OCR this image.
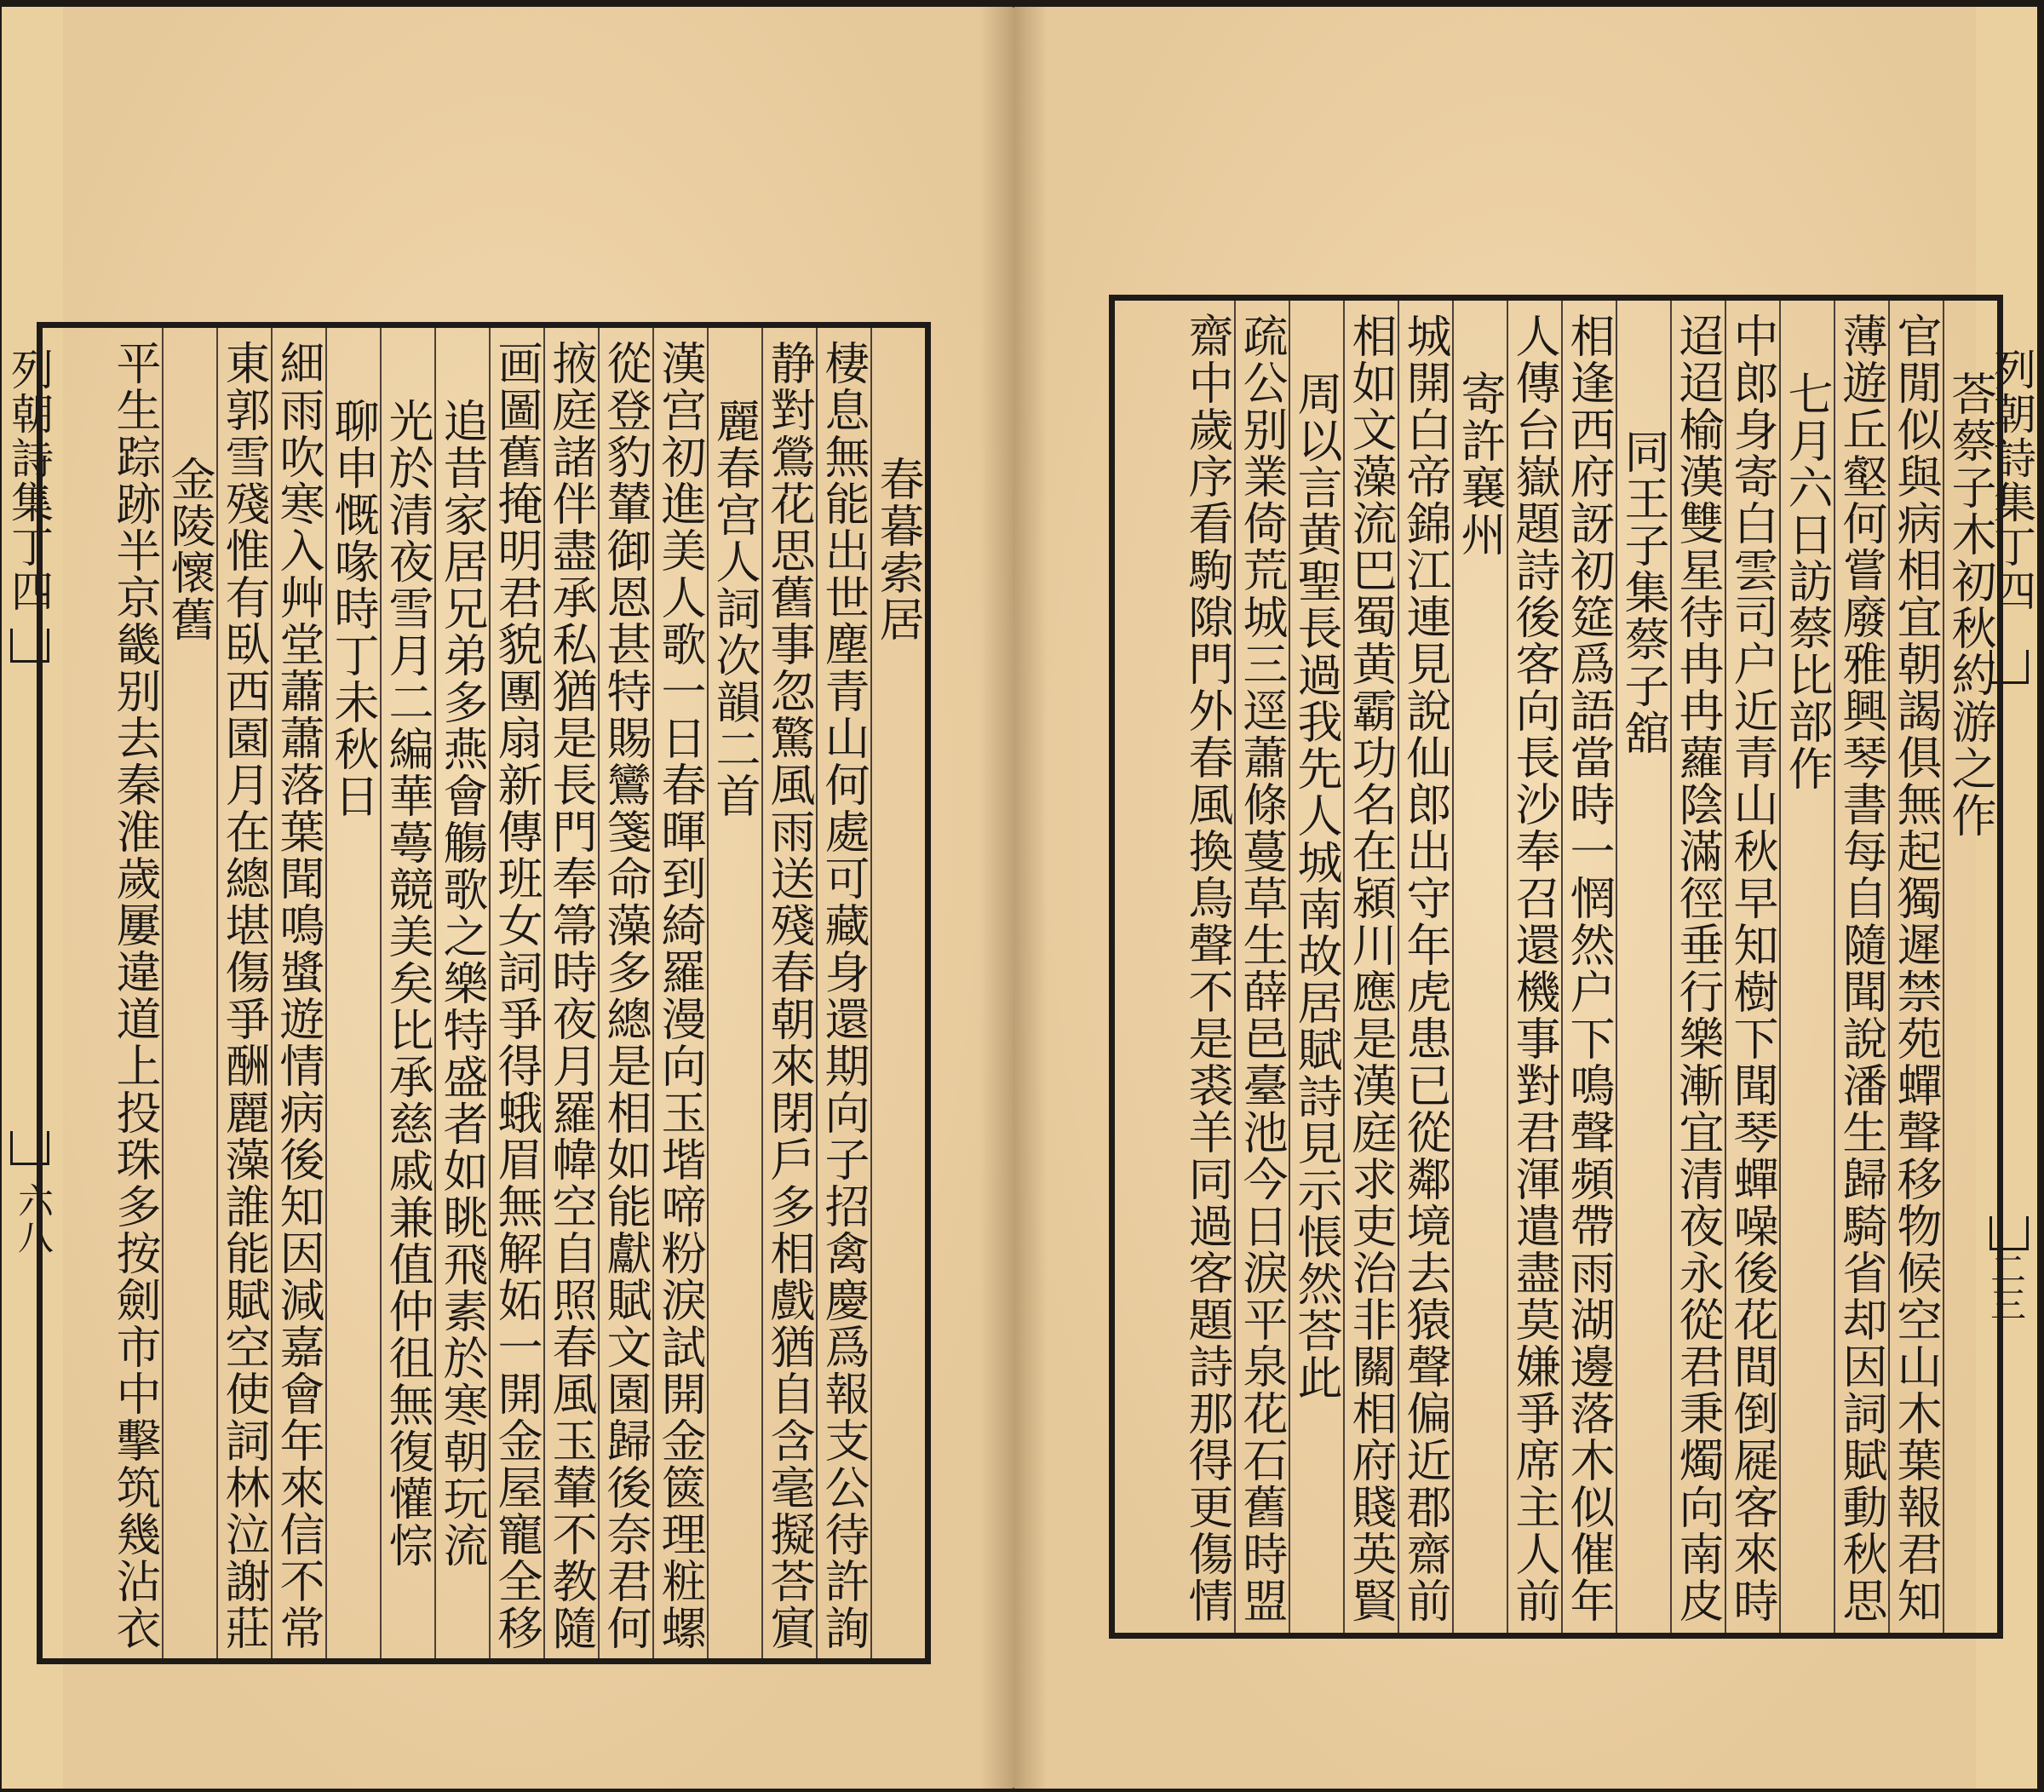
列朝詩集丁四
六八
春暮索居
棲息無能出世塵青山何處可藏身還期向子招禽慶爲報支公待許詢
静對鶯花思舊事忽驚風雨送殘春朝來閉戶多相戲猶自含毫擬荅賔
麗春宫人詞次韻二首
漢宫初進美人歌一日春暉到綺羅漫向玉堦啼粉淚試開金篋理粧螺
從登豹輦御恩甚特賜鸞箋命藻多總是相如能獻賦文園歸後奈君何
掖庭諸伴盡承私猶是長門奉箒時夜月羅幃空自照春風玉輦不教隨
画圖舊掩明君貌團扇新傳班女詞爭得蛾眉無解妬一開金屋寵全移
追昔家居兄弟多燕會觴歌之樂特盛者如眺飛素於寒朝玩流
光於清夜雪月二編華蕚競美矣比承慈戚兼值仲徂無復懽悰
聊申慨喙時丁未秋日
細雨吹寒入艸堂蕭蕭落葉聞鳴螿遊情病後知因減嘉會年來信不常
東郭雪殘惟有臥西園月在總堪傷爭酬麗藻誰能賦空使詞林泣謝莊
金陵懷舊
平生踪跡半京畿别去秦淮歲屢違道上投珠多按劍市中擊筑幾沾衣	列朝詩集丁四
二三
荅蔡子木初秋約游之作
官閒似與病相宜朝謁俱無起獨遲禁苑蟬聲移物候空山木葉報君知
薄遊丘壑何嘗廢雅興琴書每自隨聞說潘生歸騎省却因詞賦動秋思
七月六日訪蔡比部作
中郎身寄白雲司户近青山秋早知樹下聞琴蟬噪後花間倒屣客來時
迢迢榆漢雙星待冉冉蘿陰滿徑垂行樂漸宜清夜永從君秉燭向南皮
同王子集蔡子舘
相逢西府訝初筵爲語當時一惘然户下鳴聲頻帶雨湖邊落木似催年
人傳台嶽題詩後客向長沙奉召還機事對君渾遣盡莫嫌爭席主人前
寄許襄州
城開白帝錦江連見說仙郎出守年虎患已從鄰境去猿聲偏近郡齋前
相如文藻流巴蜀黄霸功名在潁川應是漢庭求吏治非關相府賤英賢
周以言黄聖長過我先人城南故居賦詩見示悵然荅此
疏公别業倚荒城三逕蕭條蔓草生薛邑臺池今日淚平泉花石舊時盟
齋中歲序看駒隙門外春風換鳥聲不是裘羊同過客題詩那得更傷情
